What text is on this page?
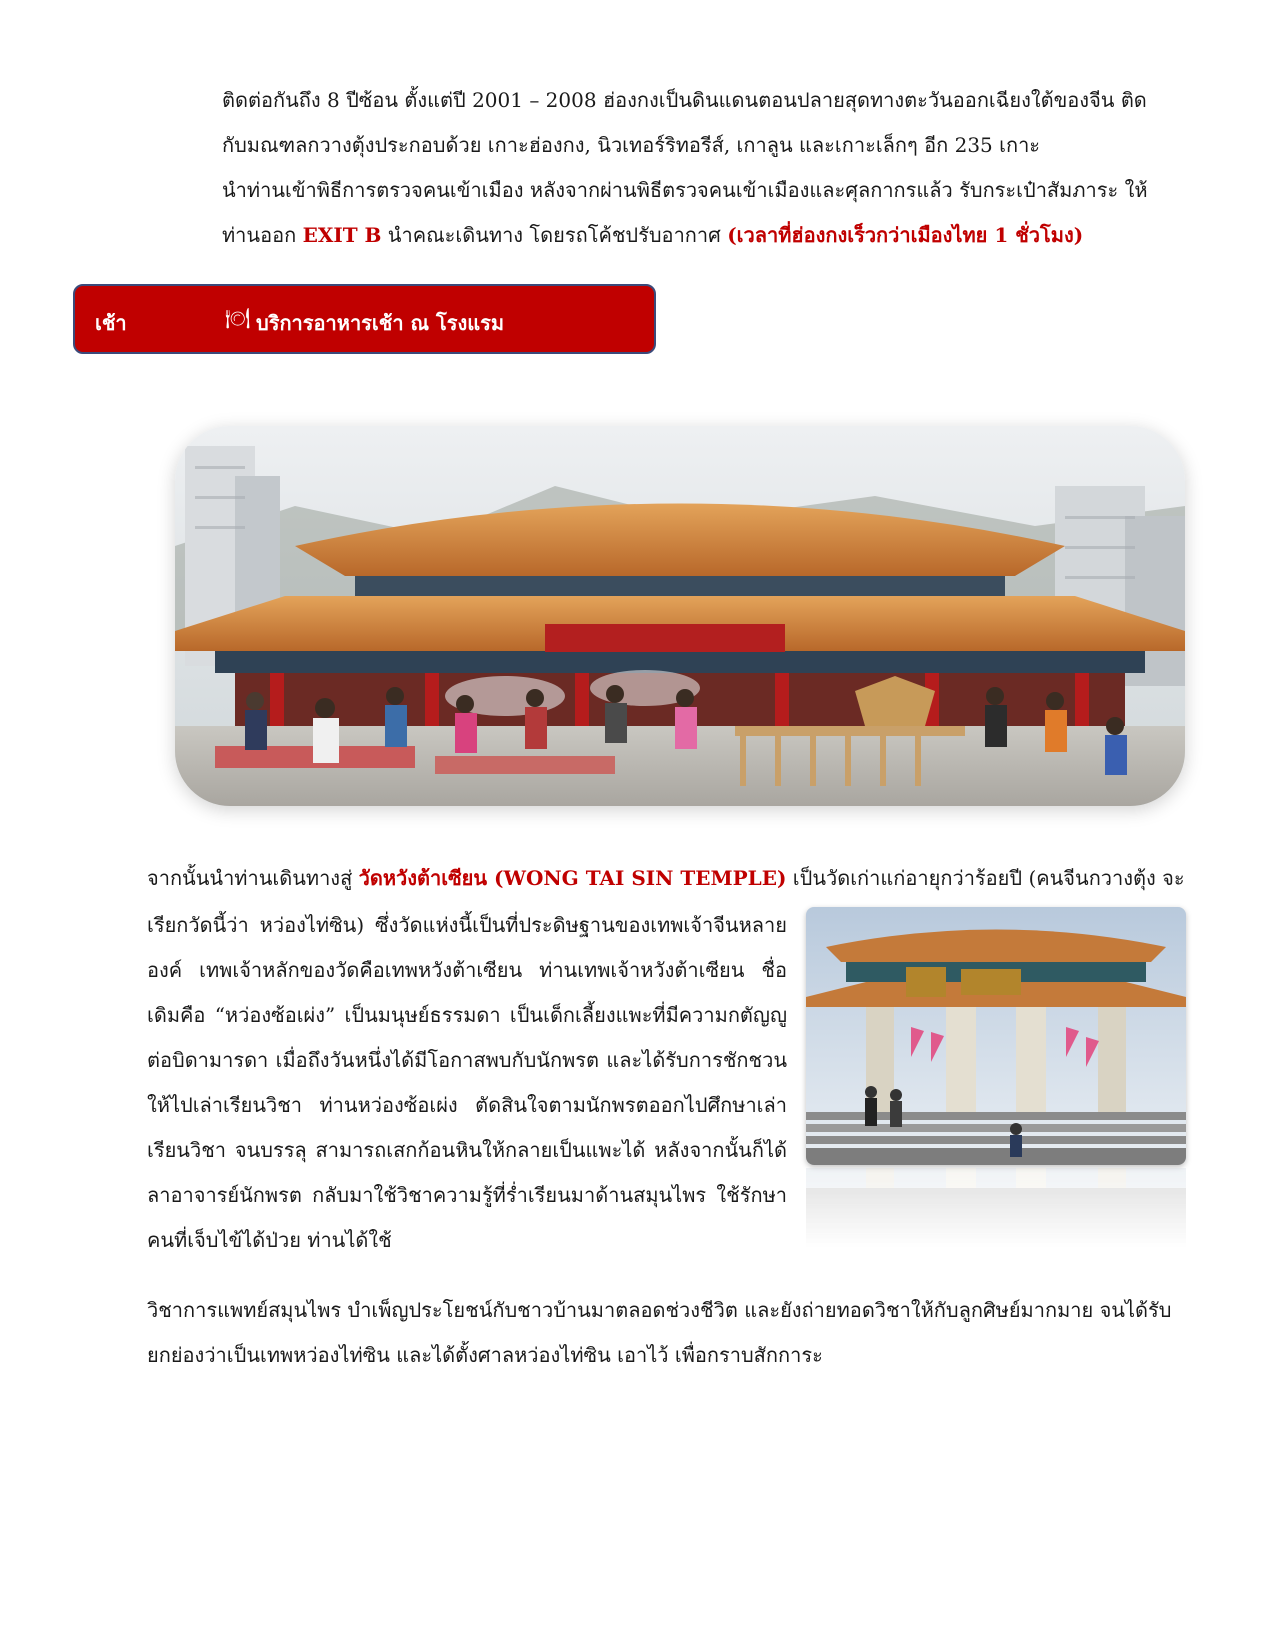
ติดต่อกันถึง 8 ปีซ้อน ตั้งแต่ปี 2001 – 2008 ฮ่องกงเป็นดินแดนตอนปลายสุดทางตะวันออกเฉียงใต้ของจีน ติด

กับมณฑลกวางตุ้งประกอบด้วย เกาะฮ่องกง, นิวเทอร์ริทอรีส์, เกาลูน และเกาะเล็กๆ อีก 235 เกาะ

นำท่านเข้าพิธีการตรวจคนเข้าเมือง หลังจากผ่านพิธีตรวจคนเข้าเมืองและศุลกากรแล้ว รับกระเป๋าสัมภาระ ให้

ท่านออก EXIT B นำคณะเดินทาง โดยรถโค้ชปรับอากาศ (เวลาที่ฮ่องกงเร็วกว่าเมืองไทย 1 ชั่วโมง)

เช้า	🍽 บริการอาหารเช้า ณ โรงแรม

จากนั้นนำท่านเดินทางสู่ วัดหวังต้าเซียน (WONG TAI SIN TEMPLE) เป็นวัดเก่าแก่อายุกว่าร้อยปี (คนจีนกวางตุ้ง จะ

เรียกวัดนี้ว่า หว่องไท่ซิน) ซึ่งวัดแห่งนี้เป็นที่ประดิษฐานของเทพเจ้าจีนหลายองค์ เทพเจ้าหลักของวัดคือเทพหวังต้าเซียน ท่านเทพเจ้าหวังต้าเซียน ชื่อเดิมคือ “หว่องซ้อเผ่ง” เป็นมนุษย์ธรรมดา เป็นเด็กเลี้ยงแพะที่มีความกตัญญูต่อบิดามารดา เมื่อถึงวันหนึ่งได้มีโอกาสพบกับนักพรต และได้รับการชักชวนให้ไปเล่าเรียนวิชา ท่านหว่องซ้อเผ่ง ตัดสินใจตามนักพรตออกไปศึกษาเล่าเรียนวิชา จนบรรลุ สามารถเสกก้อนหินให้กลายเป็นแพะได้ หลังจากนั้นก็ได้ลาอาจารย์นักพรต กลับมาใช้วิชาความรู้ที่ร่ำเรียนมาด้านสมุนไพร ใช้รักษาคนที่เจ็บไข้ได้ป่วย ท่านได้ใช้

วิชาการแพทย์สมุนไพร บำเพ็ญประโยชน์กับชาวบ้านมาตลอดช่วงชีวิต และยังถ่ายทอดวิชาให้กับลูกศิษย์มากมาย จนได้รับยกย่องว่าเป็นเทพหว่องไท่ซิน และได้ตั้งศาลหว่องไท่ซิน เอาไว้ เพื่อกราบสักการะ
